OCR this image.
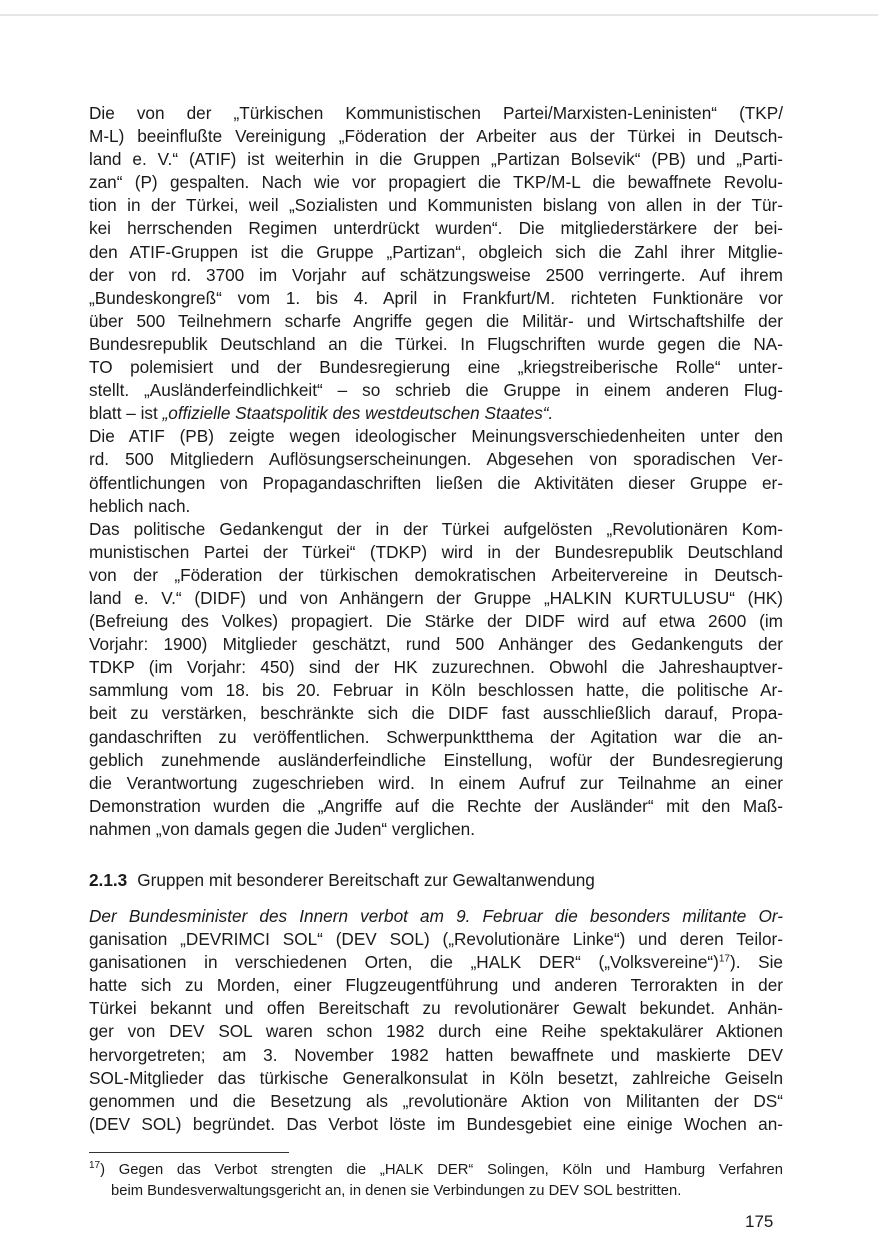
Die von der „Türkischen Kommunistischen Partei/Marxisten-Leninisten“ (TKP/
M-L) beeinflußte Vereinigung „Föderation der Arbeiter aus der Türkei in Deutsch-
land e. V.“ (ATIF) ist weiterhin in die Gruppen „Partizan Bolsevik“ (PB) und „Parti-
zan“ (P) gespalten. Nach wie vor propagiert die TKP/M-L die bewaffnete Revolu-
tion in der Türkei, weil „Sozialisten und Kommunisten bislang von allen in der Tür-
kei herrschenden Regimen unterdrückt wurden“. Die mitgliederstärkere der bei-
den ATIF-Gruppen ist die Gruppe „Partizan“, obgleich sich die Zahl ihrer Mitglie-
der von rd. 3700 im Vorjahr auf schätzungsweise 2500 verringerte. Auf ihrem
„Bundeskongreß“ vom 1. bis 4. April in Frankfurt/M. richteten Funktionäre vor
über 500 Teilnehmern scharfe Angriffe gegen die Militär- und Wirtschaftshilfe der
Bundesrepublik Deutschland an die Türkei. In Flugschriften wurde gegen die NA-
TO polemisiert und der Bundesregierung eine „kriegstreiberische Rolle“ unter-
stellt. „Ausländerfeindlichkeit“ – so schrieb die Gruppe in einem anderen Flug-
blatt – ist „offizielle Staatspolitik des westdeutschen Staates“.
Die ATIF (PB) zeigte wegen ideologischer Meinungsverschiedenheiten unter den
rd. 500 Mitgliedern Auflösungserscheinungen. Abgesehen von sporadischen Ver-
öffentlichungen von Propagandaschriften ließen die Aktivitäten dieser Gruppe er-
heblich nach.
Das politische Gedankengut der in der Türkei aufgelösten „Revolutionären Kom-
munistischen Partei der Türkei“ (TDKP) wird in der Bundesrepublik Deutschland
von der „Föderation der türkischen demokratischen Arbeitervereine in Deutsch-
land e. V.“ (DIDF) und von Anhängern der Gruppe „HALKIN KURTULUSU“ (HK)
(Befreiung des Volkes) propagiert. Die Stärke der DIDF wird auf etwa 2600 (im
Vorjahr: 1900) Mitglieder geschätzt, rund 500 Anhänger des Gedankenguts der
TDKP (im Vorjahr: 450) sind der HK zuzurechnen. Obwohl die Jahreshauptver-
sammlung vom 18. bis 20. Februar in Köln beschlossen hatte, die politische Ar-
beit zu verstärken, beschränkte sich die DIDF fast ausschließlich darauf, Propa-
gandaschriften zu veröffentlichen. Schwerpunktthema der Agitation war die an-
geblich zunehmende ausländerfeindliche Einstellung, wofür der Bundesregierung
die Verantwortung zugeschrieben wird. In einem Aufruf zur Teilnahme an einer
Demonstration wurden die „Angriffe auf die Rechte der Ausländer“ mit den Maß-
nahmen „von damals gegen die Juden“ verglichen.
2.1.3 Gruppen mit besonderer Bereitschaft zur Gewaltanwendung
Der Bundesminister des Innern verbot am 9. Februar die besonders militante Or-
ganisation „DEVRIMCI SOL“ (DEV SOL) („Revolutionäre Linke“) und deren Teilor-
ganisationen in verschiedenen Orten, die „HALK DER“ („Volksvereine“)$^{17}$). Sie
hatte sich zu Morden, einer Flugzeugentführung und anderen Terrorakten in der
Türkei bekannt und offen Bereitschaft zu revolutionärer Gewalt bekundet. Anhän-
ger von DEV SOL waren schon 1982 durch eine Reihe spektakulärer Aktionen
hervorgetreten; am 3. November 1982 hatten bewaffnete und maskierte DEV
SOL-Mitglieder das türkische Generalkonsulat in Köln besetzt, zahlreiche Geiseln
genommen und die Besetzung als „revolutionäre Aktion von Militanten der DS“
(DEV SOL) begründet. Das Verbot löste im Bundesgebiet eine einige Wochen an-
$^{17}$) Gegen das Verbot strengten die „HALK DER“ Solingen, Köln und Hamburg Verfahren
beim Bundesverwaltungsgericht an, in denen sie Verbindungen zu DEV SOL bestritten.
175
